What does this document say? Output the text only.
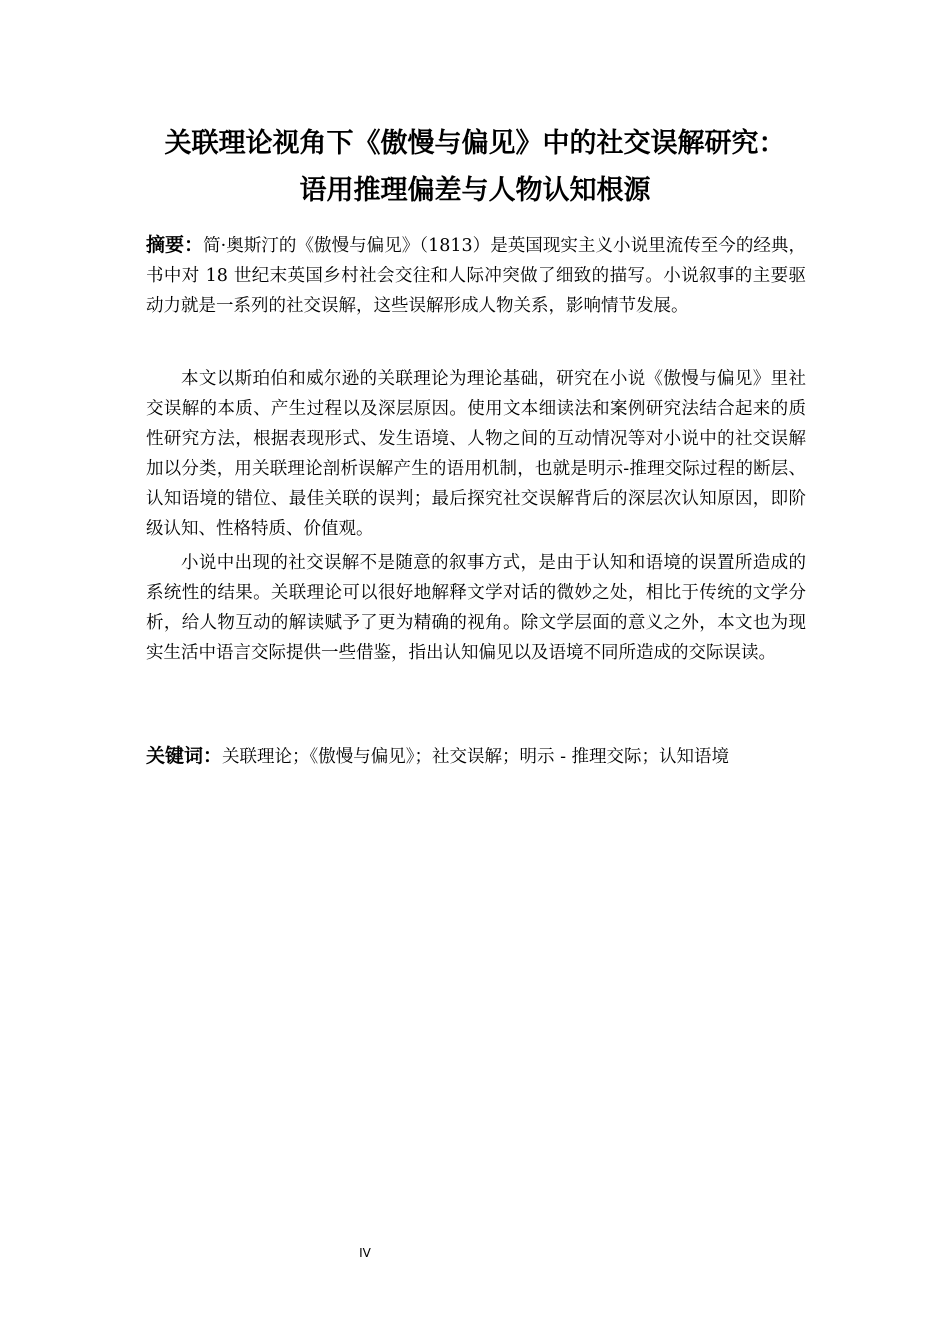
关联理论视角下《傲慢与偏见》中的社交误解研究：
语用推理偏差与人物认知根源
摘要：简·奥斯汀的《傲慢与偏见》（1813）是英国现实主义小说里流传至今的经典，书中对 18 世纪末英国乡村社会交往和人际冲突做了细致的描写。小说叙事的主要驱动力就是一系列的社交误解，这些误解形成人物关系，影响情节发展。
本文以斯珀伯和威尔逊的关联理论为理论基础，研究在小说《傲慢与偏见》里社交误解的本质、产生过程以及深层原因。使用文本细读法和案例研究法结合起来的质性研究方法，根据表现形式、发生语境、人物之间的互动情况等对小说中的社交误解加以分类，用关联理论剖析误解产生的语用机制，也就是明示-推理交际过程的断层、认知语境的错位、最佳关联的误判；最后探究社交误解背后的深层次认知原因，即阶级认知、性格特质、价值观。
小说中出现的社交误解不是随意的叙事方式，是由于认知和语境的误置所造成的系统性的结果。关联理论可以很好地解释文学对话的微妙之处，相比于传统的文学分析，给人物互动的解读赋予了更为精确的视角。除文学层面的意义之外，本文也为现实生活中语言交际提供一些借鉴，指出认知偏见以及语境不同所造成的交际误读。
关键词：关联理论；《傲慢与偏见》；社交误解；明示 - 推理交际；认知语境
IV
